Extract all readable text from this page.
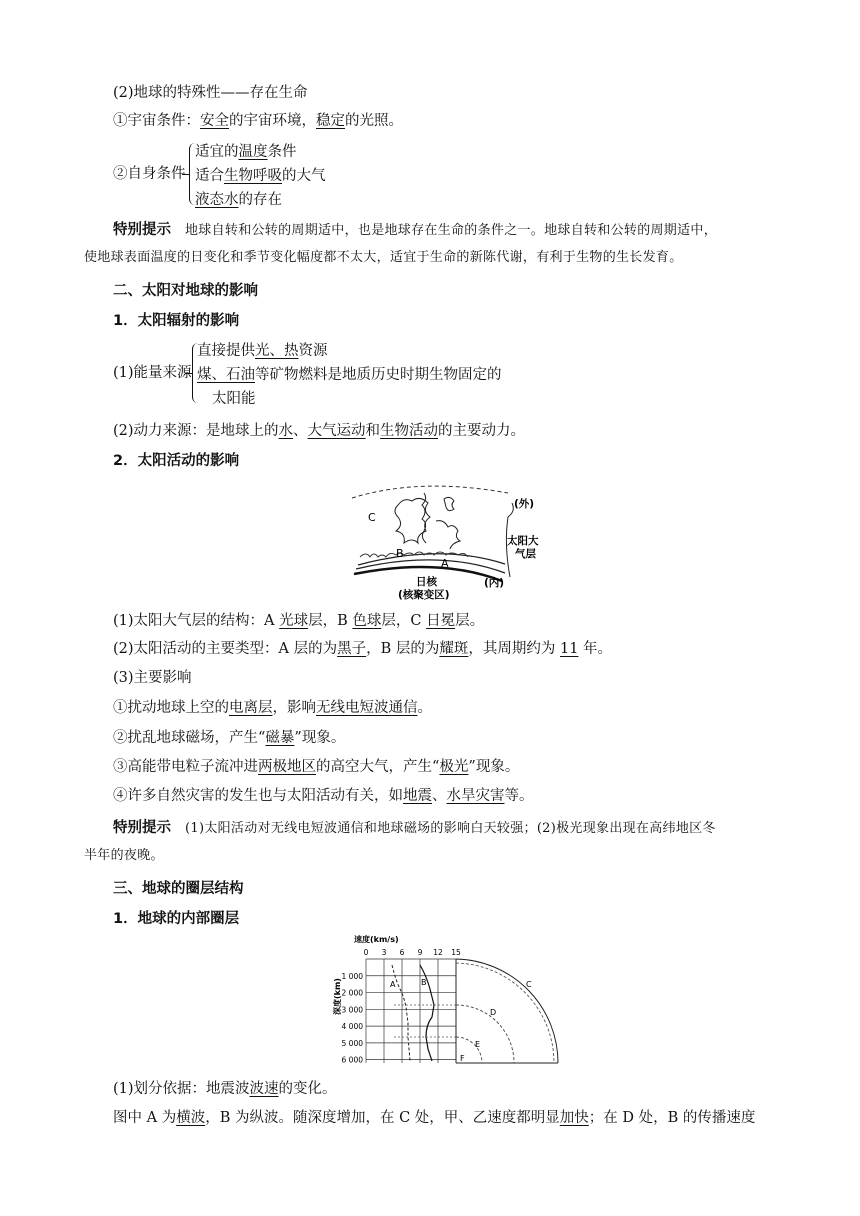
(2)地球的特殊性——存在生命
①宇宙条件：安全的宇宙环境，稳定的光照。
②自身条件
适宜的温度条件
适合生物呼吸的大气
液态水的存在
特别提示 地球自转和公转的周期适中，也是地球存在生命的条件之一。地球自转和公转的周期适中，
使地球表面温度的日变化和季节变化幅度都不太大，适宜于生命的新陈代谢，有利于生物的生长发育。
二、太阳对地球的影响
1．太阳辐射的影响
(1)能量来源
直接提供光、热资源
煤、石油等矿物燃料是地质历史时期生物固定的
太阳能
(2)动力来源：是地球上的水、大气运动和生物活动的主要动力。
2．太阳活动的影响
C
B
A
日核
(核聚变区)
(外)
太阳大
气层
(内)
(1)太阳大气层的结构：A 光球层，B 色球层，C 日冕层。
(2)太阳活动的主要类型：A 层的为黑子，B 层的为耀斑，其周期约为 11 年。
(3)主要影响
①扰动地球上空的电离层，影响无线电短波通信。
②扰乱地球磁场，产生“磁暴”现象。
③高能带电粒子流冲进两极地区的高空大气，产生“极光”现象。
④许多自然灾害的发生也与太阳活动有关，如地震、水旱灾害等。
特别提示 (1)太阳活动对无线电短波通信和地球磁场的影响白天较强；(2)极光现象出现在高纬地区冬
半年的夜晚。
三、地球的圈层结构
1．地球的内部圈层
速度(km/s)
0 3 6 9 12 15
1 000
2 000
3 000
4 000
5 000
6 000
深度(km)	A	B	C
D
E
F
(1)划分依据：地震波波速的变化。
图中 A 为横波，B 为纵波。随深度增加，在 C 处，甲、乙速度都明显加快；在 D 处，B 的传播速度
